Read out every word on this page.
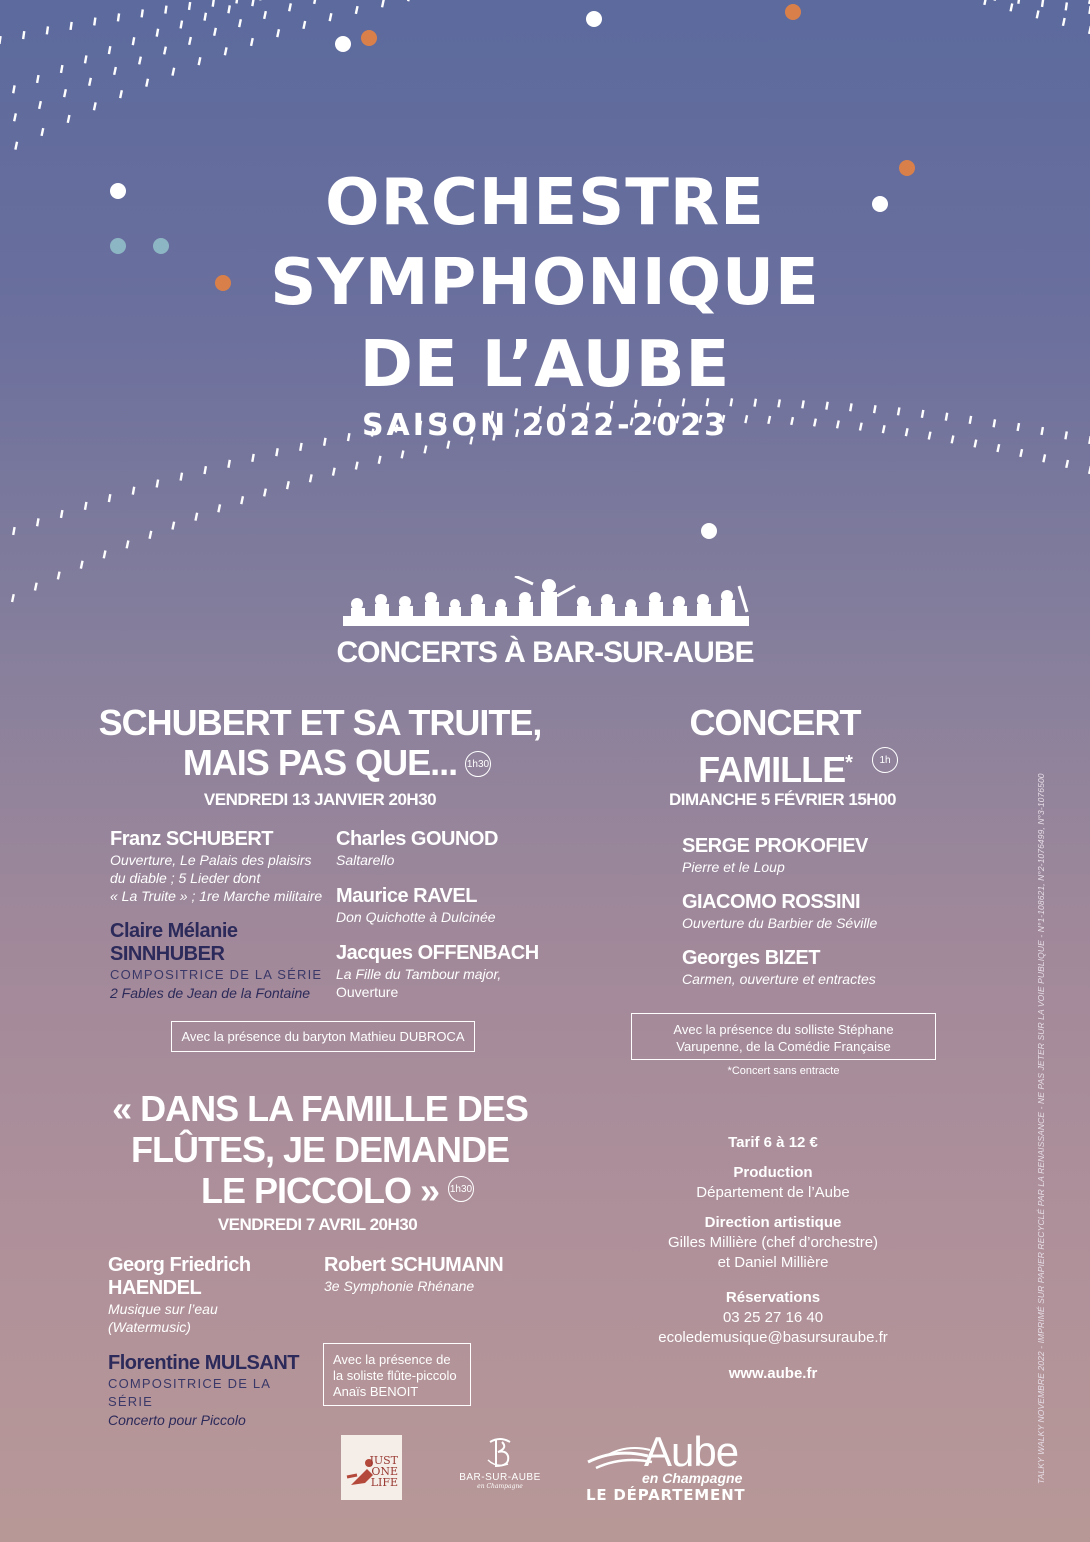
ORCHESTRE
SYMPHONIQUE
DE L’AUBE
SAISON 2022-2023
CONCERTS À BAR-SUR-AUBE
SCHUBERT ET SA TRUITE,
MAIS PAS QUE... 1h30
VENDREDI 13 JANVIER 20H30
Franz SCHUBERT
Ouverture, Le Palais des plaisirs
du diable ; 5 Lieder dont
« La Truite » ; 1re Marche militaire
Charles GOUNOD
Saltarello
Maurice RAVEL
Don Quichotte à Dulcinée
Jacques OFFENBACH
La Fille du Tambour major,
Ouverture
Claire Mélanie
SINNHUBER
COMPOSITRICE DE LA SÉRIE
2 Fables de Jean de la Fontaine
Avec la présence du baryton Mathieu DUBROCA
CONCERT
FAMILLE*	1h
DIMANCHE 5 FÉVRIER 15H00
SERGE PROKOFIEV
Pierre et le Loup
GIACOMO ROSSINI
Ouverture du Barbier de Séville
Georges BIZET
Carmen, ouverture et entractes
Avec la présence du solliste Stéphane
Varupenne, de la Comédie Française
*Concert sans entracte
« DANS LA FAMILLE DES
FLÛTES, JE DEMANDE
LE PICCOLO »	1h30
VENDREDI 7 AVRIL 20H30
Georg Friedrich
HAENDEL
Musique sur l’eau
(Watermusic)
Robert SCHUMANN
3e Symphonie Rhénane
Florentine MULSANT
COMPOSITRICE DE LA SÉRIE
Concerto pour Piccolo
Avec la présence de
la soliste flûte-piccolo
Anaïs BENOIT
Tarif 6 à 12 €
Production
Département de l’Aube
Direction artistique
Gilles Millière (chef d’orchestre)
et Daniel Millière
Réservations
03 25 27 16 40
ecoledemusique@basursuraube.fr
www.aube.fr	TALKY WALKY NOVEMBRE 2022 - IMPRIMÉ SUR PAPIER RECYCLÉ PAR LA RENAISSANCE - NE PAS JETER SUR LA VOIE PUBLIQUE - N°1-108621, N°2-1076499, N°3-1076500
JUST
ONE
LIFE	BAR-SUR-AUBE
en Champagne
Aube
en Champagne
LE DÉPARTEMENT
